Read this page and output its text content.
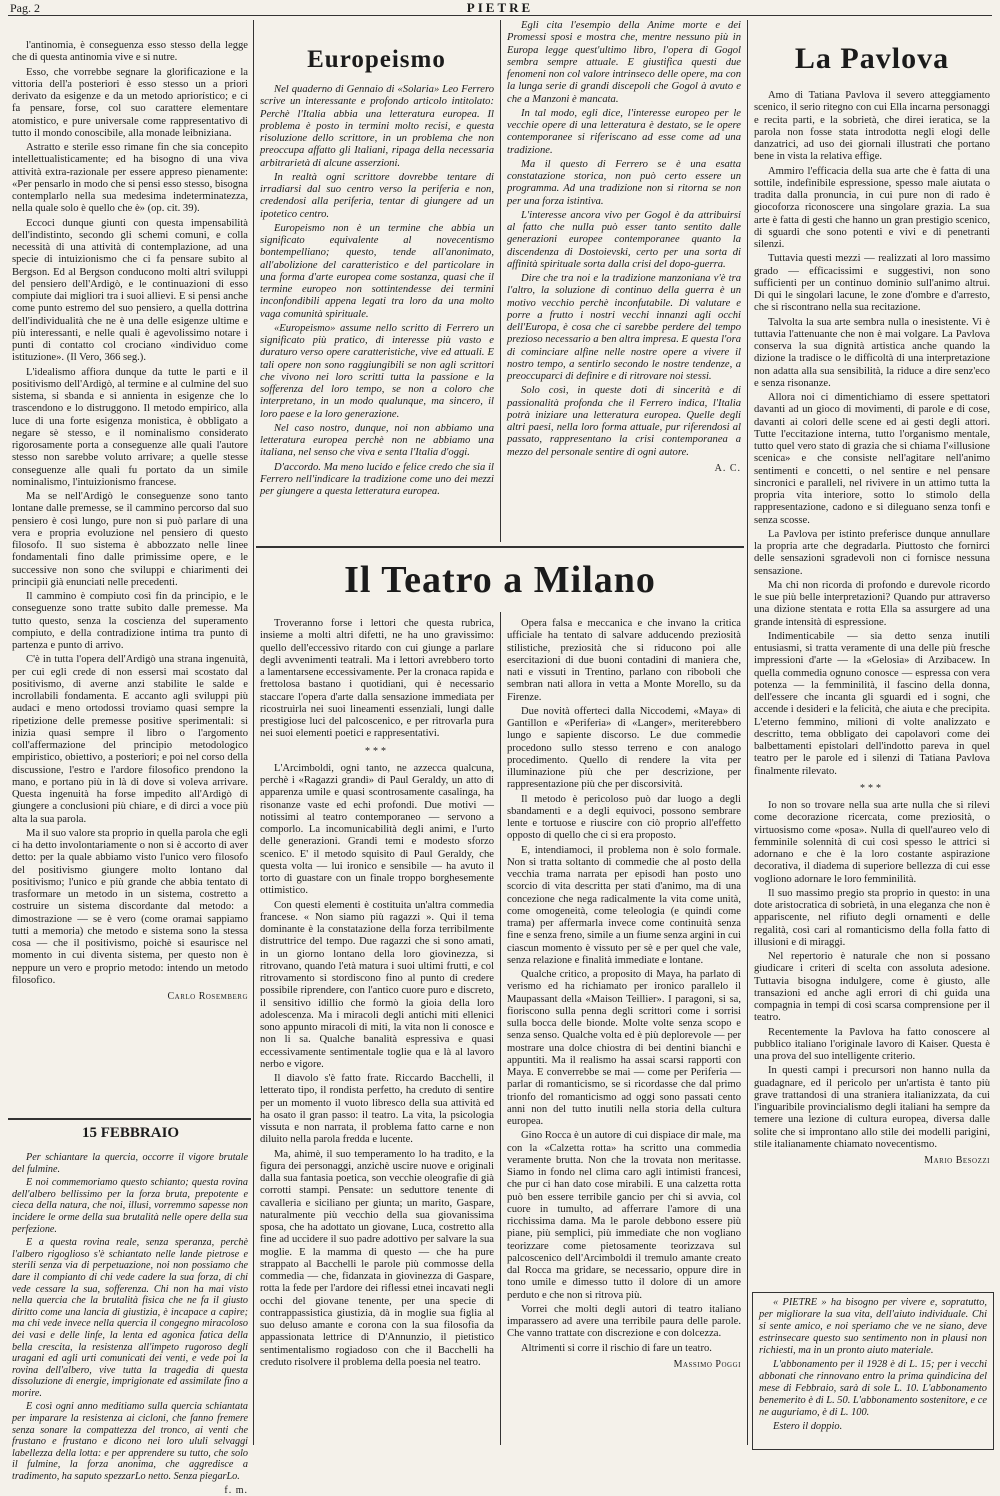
Pag. 2	PIETRE

l'antinomia, è conseguenza esso stesso della legge che di questa antinomia vive e si nutre.

Esso, che vorrebbe segnare la glorificazione e la vittoria dell'a posteriori è esso stesso un a priori derivato da esigenze e da un metodo apriorístico; e ci fa pensare, forse, col suo carattere elementare atomistico, e pure universale come rappresentativo di tutto il mondo conoscibile, alla monade leibniziana.

Astratto e sterile esso rimane fin che sia concepito intellettualisticamente; ed ha bisogno di una viva attività extra-razionale per essere appreso pienamente: «Per pensarlo in modo che si pensi esso stesso, bisogna contemplarlo nella sua medesima indeterminatezza, nella quale solo è quello che è» (op. cit. 39).

Eccoci dunque giunti con questa impensabilità dell'indistinto, secondo gli schemi comuni, e colla necessità di una attività di contemplazione, ad una specie di intuizionismo che ci fa pensare subito al Bergson. Ed al Bergson conducono molti altri sviluppi del pensiero dell'Ardigò, e le continuazioni di esso compiute dai migliori tra i suoi allievi. E si pensi anche come punto estremo del suo pensiero, a quella dottrina dell'individualità che ne è una delle esigenze ultime e più interessanti, e nelle quali è agevolissimo notare i punti di contatto col crociano «individuo come istituzione». (Il Vero, 366 seg.).

L'idealismo affiora dunque da tutte le parti e il positivismo dell'Ardigò, al termine e al culmine del suo sistema, si sbanda e si annienta in esigenze che lo trascendono e lo distruggono. Il metodo empirico, alla luce di una forte esigenza monistica, è obbligato a negare sè stesso, e il nominalismo considerato rigorosamente porta a conseguenze alle quali l'autore stesso non sarebbe voluto arrivare; a quelle stesse conseguenze alle quali fu portato da un simile nominalismo, l'intuizionismo francese.

Ma se nell'Ardigò le conseguenze sono tanto lontane dalle premesse, se il cammino percorso dal suo pensiero è così lungo, pure non si può parlare di una vera e propria evoluzione nel pensiero di questo filosofo. Il suo sistema è abbozzato nelle linee fondamentali fino dalle primissime opere, e le successive non sono che sviluppi e chiarimenti dei principii già enunciati nelle precedenti.

Il cammino è compiuto così fin da principio, e le conseguenze sono tratte subito dalle premesse. Ma tutto questo, senza la coscienza del superamento compiuto, e della contradizione intima tra punto di partenza e punto di arrivo.

C'è in tutta l'opera dell'Ardigò una strana ingenuità, per cui egli crede di non essersi mai scostato dal positivismo, di averne anzi stabilite le salde e incrollabili fondamenta. E accanto agli sviluppi più audaci e meno ortodossi troviamo quasi sempre la ripetizione delle premesse positive sperimentali: si inizia quasi sempre il libro o l'argomento coll'affermazione del principio metodologico empiristico, obiettivo, a posteriori; e poi nel corso della discussione, l'estro e l'ardore filosofico prendono la mano, e portano più in là di dove si voleva arrivare. Questa ingenuità ha forse impedito all'Ardigò di giungere a conclusioni più chiare, e di dirci a voce più alta la sua parola.

Ma il suo valore sta proprio in quella parola che egli ci ha detto involontariamente o non si è accorto di aver detto: per la quale abbiamo visto l'unico vero filosofo del positivismo giungere molto lontano dal positivismo; l'unico e più grande che abbia tentato di trasformare un metodo in un sistema, costretto a costruire un sistema discordante dal metodo: a dimostrazione — se è vero (come oramai sappiamo tutti a memoria) che metodo e sistema sono la stessa cosa — che il positivismo, poichè si esaurisce nel momento in cui diventa sistema, per questo non è neppure un vero e proprio metodo: intendo un metodo filosofico.

Carlo Rosemberg
15 FEBBRAIO

Per schiantare la quercia, occorre il vigore brutale del fulmine.

E noi commemoriamo questo schianto; questa rovina dell'albero bellissimo per la forza bruta, prepotente e cieca della natura, che noi, illusi, vorremmo sapesse non incidere le orme della sua brutalità nelle opere della sua perfezione.

E a questa rovina reale, senza speranza, perchè l'albero rigoglioso s'è schiantato nelle lande pietrose e sterili senza via di perpetuazione, noi non possiamo che dare il compianto di chi vede cadere la sua forza, di chi vede cessare la sua, sofferenza. Chi non ha mai visto nella quercia che la brutalità fisica che ne fa il giusto diritto come una lancia di giustizia, è incapace a capire; ma chi vede invece nella quercia il congegno miracoloso dei vasi e delle linfe, la lenta ed agonica fatica della bella crescita, la resistenza all'impeto rugoroso degli uragani ed agli urti comunicati dei venti, e vede poi la rovina dell'albero, vive tutta la tragedia di questa dissoluzione di energie, imprigionate ed assimilate fino a morire.

E così ogni anno meditiamo sulla quercia schiantata per imparare la resistenza ai cicloni, che fanno fremere senza sonare la compattezza del tronco, ai venti che frustano e frustano e dicono nei loro ululi selvaggi labellezza della lotta: e per apprendere su tutto, che solo il fulmine, la forza anonima, che aggredisce a tradimento, ha saputo spezzarLo netto. Senza piegarLo.

f. m.
Europeismo

Nel quaderno di Gennaio di «Solaria» Leo Ferrero scrive un interessante e profondo articolo intitolato: Perchè l'Italia abbia una letteratura europea. Il problema è posto in termini molto recisi, e questa risoluzione dello scrittore, in un problema che non preoccupa affatto gli Italiani, ripaga della necessaria arbitrarietà di alcune asserzioni.

In realtà ogni scrittore dovrebbe tentare di irradiarsi dal suo centro verso la periferia e non, credendosi alla periferia, tentar di giungere ad un ipotetico centro.

Europeismo non è un termine che abbia un significato equivalente al novecentismo bontempelliano; questo, tende all'anonimato, all'abolizione del caratteristico e del particolare in una forma d'arte europea come sostanza, quasi che il termine europeo non sottintendesse dei termini inconfondibili appena legati tra loro da una molto vaga comunità spirituale.

«Europeismo» assume nello scritto di Ferrero un significato più pratico, di interesse più vasto e duraturo verso opere caratteristiche, vive ed attuali. E tali opere non sono raggiungibili se non agli scrittori che vivono nei loro scritti tutta la passione e la sofferenza del loro tempo, se non a coloro che interpretano, in un modo qualunque, ma sincero, il loro paese e la loro generazione.

Nel caso nostro, dunque, noi non abbiamo una letteratura europea perchè non ne abbiamo una italiana, nel senso che viva e senta l'Italia d'oggi.

D'accordo. Ma meno lucido e felice credo che sia il Ferrero nell'indicare la tradizione come uno dei mezzi per giungere a questa letteratura europea.

Egli cita l'esempio della Anime morte e dei Promessi sposi e mostra che, mentre nessuno più in Europa legge quest'ultimo libro, l'opera di Gogol sembra sempre attuale. E giustifica questi due fenomeni non col valore intrinseco delle opere, ma con la lunga serie di grandi discepoli che Gogol à avuto e che a Manzoni è mancata.

In tal modo, egli dice, l'interesse europeo per le vecchie opere di una letteratura è destato, se le opere contemporanee si riferiscano ad esse come ad una tradizione.

Ma il questo di Ferrero se è una esatta constatazione storica, non può certo essere un programma. Ad una tradizione non si ritorna se non per una forza istintiva.

L'interesse ancora vivo per Gogol è da attribuirsi al fatto che nulla può esser tanto sentito dalle generazioni europee contemporanee quanto la discendenza di Dostoievski, certo per una sorta di affinità spirituale sorta dalla crisi del dopo-guerra.

Dire che tra noi e la tradizione manzoniana v'è tra l'altro, la soluzione di continuo della guerra è un motivo vecchio perchè inconfutabile. Di valutare e porre a frutto i nostri vecchi innanzi agli occhi dell'Europa, è cosa che ci sarebbe perdere del tempo prezioso necessario a ben altra impresa. E questa l'ora di cominciare alfine nelle nostre opere a vivere il nostro tempo, a sentirlo secondo le nostre tendenze, a preoccuparci di definire e di ritrovare noi stessi.

Solo così, in queste doti di sincerità e di passionalità profonda che il Ferrero indica, l'Italia potrà iniziare una letteratura europea. Quelle degli altri paesi, nella loro forma attuale, pur riferendosi al passato, rappresentano la crisi contemporanea a mezzo del personale sentire di ogni autore.

A. C.
Il Teatro a Milano

Troveranno forse i lettori che questa rubrica, insieme a molti altri difetti, ne ha uno gravissimo: quello dell'eccessivo ritardo con cui giunge a parlare degli avvenimenti teatrali. Ma i lettori avrebbero torto a lamentarsene eccessivamente. Per la cronaca rapida e frettolosa bastano i quotidiani, qui è necessario staccare l'opera d'arte dalla sensazione immediata per ricostruirla nei suoi lineamenti essenziali, lungi dalle prestigiose luci del palcoscenico, e per ritrovarla pura nei suoi elementi poetici e rappresentativi.

***

L'Arcimboldi, ogni tanto, ne azzecca qualcuna, perchè i «Ragazzi grandi» di Paul Geraldy, un atto di apparenza umile e quasi scontrosamente casalinga, ha risonanze vaste ed echi profondi. Due motivi — notissimi al teatro contemporaneo — servono a comporlo. La incomunicabilità degli animi, e l'urto delle generazioni. Grandi temi e modesto sforzo scenico. E' il metodo squisito di Paul Geraldy, che questa volta — lui ironico e sensibile — ha avuto il torto di guastare con un finale troppo borghesemente ottimistico.

Con questi elementi è costituita un'altra commedia francese. « Non siamo più ragazzi ». Qui il tema dominante è la constatazione della forza terribilmente distruttrice del tempo. Due ragazzi che si sono amati, in un giorno lontano della loro giovinezza, si ritrovano, quando l'età matura i suoi ultimi frutti, e col ritrovamento si stordiscono fino al punto di credere possibile riprendere, con l'antico cuore puro e discreto, il sensitivo idillio che formò la gioia della loro adolescenza. Ma i miracoli degli antichi miti ellenici sono appunto miracoli di miti, la vita non li conosce e non li sa. Qualche banalità espressiva e quasi eccessivamente sentimentale toglie qua e là al lavoro nerbo e vigore.

Il diavolo s'è fatto frate. Riccardo Bacchelli, il letterato tipo, il rondista perfetto, ha creduto di sentire per un momento il vuoto libresco della sua attività ed ha osato il gran passo: il teatro. La vita, la psicologia vissuta e non narrata, il problema fatto carne e non diluito nella parola fredda e lucente.

Ma, ahimè, il suo temperamento lo ha tradito, e la figura dei personaggi, anzichè uscire nuove e originali dalla sua fantasia poetica, son vecchie oleografie di già corrotti stampi. Pensate: un seduttore tenente di cavalleria e siciliano per giunta; un marito, Gaspare, naturalmente più vecchio della sua giovanissima sposa, che ha adottato un giovane, Luca, costretto alla fine ad uccidere il suo padre adottivo per salvare la sua moglie. E la mamma di questo — che ha pure strappato al Bacchelli le parole più commosse della commedia — che, fidanzata in giovinezza di Gaspare, rotta la fede per l'ardore dei riflessi etnei incavati negli occhi del giovane tenente, per una specie di contrappassistica giustizia, dà in moglie sua figlia al suo deluso amante e corona con la sua filosofia da appassionata lettrice di D'Annunzio, il pietistico sentimentalismo rogiadoso con che il Bacchelli ha creduto risolvere il problema della poesia nel teatro.

Opera falsa e meccanica e che invano la critica ufficiale ha tentato di salvare adducendo preziosità stilistiche, preziosità che si riducono poi alle esercitazioni di due buoni contadini di maniera che, nati e vissuti in Trentino, parlano con riboboli che sembran nati allora in vetta a Monte Morello, su da Firenze.

Due novità offerteci dalla Niccodemi, «Maya» di Gantillon e «Periferia» di «Langer», meriterebbero lungo e sapiente discorso. Le due commedie procedono sullo stesso terreno e con analogo procedimento. Quello di rendere la vita per illuminazione più che per descrizione, per rappresentazione più che per discorsività.

Il metodo è pericoloso può dar luogo a degli sbandamenti e a degli equivoci, possono sembrare lente e tortuose e riuscire con ciò proprio all'effetto opposto di quello che ci si era proposto.

E, intendiamoci, il problema non è solo formale. Non si tratta soltanto di commedie che al posto della vecchia trama narrata per episodi han posto uno scorcio di vita descritta per stati d'animo, ma di una concezione che nega radicalmente la vita come unità, come omogeneità, come teleologia (e quindi come trama) per affermarla invece come continuità senza fine e senza freno, simile a un fiume senza argini in cui ciascun momento è vissuto per sè e per quel che vale, senza relazione e finalità immediate e lontane.

Qualche critico, a proposito di Maya, ha parlato di verismo ed ha richiamato per ironico parallelo il Maupassant della «Maison Teillier». I paragoni, si sa, fioriscono sulla penna degli scrittori come i sorrisi sulla bocca delle bionde. Molte volte senza scopo e senza senso. Qualche volta ed è più deplorevole — per mostrare una dolce chiostra di bei dentini bianchi e appuntiti. Ma il realismo ha assai scarsi rapporti con Maya. E converrebbe se mai — come per Periferia — parlar di romanticismo, se si ricordasse che dal primo trionfo del romanticismo ad oggi sono passati cento anni non del tutto inutili nella storia della cultura europea.

Gino Rocca è un autore di cui dispiace dir male, ma con la «Calzetta rotta» ha scritto una commedia veramente brutta. Non che la trovata non meritasse. Siamo in fondo nel clima caro agli intimisti francesi, che pur ci han dato cose mirabili. E una calzetta rotta può ben essere terribile gancio per chi si avvia, col cuore in tumulto, ad afferrare l'amore di una ricchissima dama. Ma le parole debbono essere più piane, più semplici, più immediate che non vogliano teorizzare come pietosamente teorizzava sul palcoscenico dell'Arcimboldi il tremulo amante creato dal Rocca ma gridare, se necessario, oppure dire in tono umile e dimesso tutto il dolore di un amore perduto e che non si ritrova più.

Vorrei che molti degli autori di teatro italiano imparassero ad avere una terribile paura delle parole. Che vanno trattate con discrezione e con dolcezza.

Altrimenti si corre il rischio di fare un teatro.

Massimo Poggi
La Pavlova

Amo di Tatiana Pavlova il severo atteggiamento scenico, il serio ritegno con cui Ella incarna personaggi e recita parti, e la sobrietà, che direi ieratica, se la parola non fosse stata introdotta negli elogi delle danzatrici, ad uso dei giornali illustrati che portano bene in vista la relativa effige.

Ammiro l'efficacia della sua arte che è fatta di una sottile, indefinibile espressione, spesso male aiutata o tradita dalla pronuncia, in cui pure non di rado è giocoforza riconoscere una singolare grazia. La sua arte è fatta di gesti che hanno un gran prestigio scenico, di sguardi che sono potenti e vivi e di penetranti silenzi.

Tuttavia questi mezzi — realizzati al loro massimo grado — efficacissimi e suggestivi, non sono sufficienti per un continuo dominio sull'animo altrui. Di qui le singolari lacune, le zone d'ombre e d'arresto, che si riscontrano nella sua recitazione.

Talvolta la sua arte sembra nulla o inesistente. Vi è tuttavia l'attenuante che non è mai volgare. La Pavlova conserva la sua dignità artistica anche quando la dizione la tradisce o le difficoltà di una interpretazione non adatta alla sua sensibilità, la riduce a dire senz'eco e senza risonanze.

Allora noi ci dimentichiamo di essere spettatori davanti ad un gioco di movimenti, di parole e di cose, davanti ai colori delle scene ed ai gesti degli attori. Tutte l'eccitazione interna, tutto l'organismo mentale, tutto quel vero stato di grazia che si chiama l'«illusione scenica» e che consiste nell'agitare nell'animo sentimenti e concetti, o nel sentire e nel pensare sincronici e paralleli, nel rivivere in un attimo tutta la propria vita interiore, sotto lo stimolo della rappresentazione, cadono e si dileguano senza tonfi e senza scosse.

La Pavlova per istinto preferisce dunque annullare la propria arte che degradarla. Piuttosto che fornirci delle sensazioni sgradevoli non ci fornisce nessuna sensazione.

Ma chi non ricorda di profondo e durevole ricordo le sue più belle interpretazioni? Quando pur attraverso una dizione stentata e rotta Ella sa assurgere ad una grande intensità di espressione.

Indimenticabile — sia detto senza inutili entusiasmi, si tratta veramente di una delle più fresche impressioni d'arte — la «Gelosia» di Arzibacew. In quella commedia ognuno conosce — espressa con vera potenza — la femminilità, il fascino della donna, dell'essere che incanta gli sguardi ed i sogni, che accende i desideri e la felicità, che aiuta e che precipita. L'eterno femmino, milioni di volte analizzato e descritto, tema obbligato dei capolavori come dei balbettamenti epistolari dell'indotto pareva in quel teatro per le parole ed i silenzi di Tatiana Pavlova finalmente rilevato.

***

Io non so trovare nella sua arte nulla che si rilevi come decorazione ricercata, come preziosità, o virtuosismo come «posa». Nulla di quell'aureo velo di femminile solennità di cui così spesso le attrici si adornano e che è la loro costante aspirazione decorativa, il diadema di superiore bellezza di cui esse vogliono adornare le loro femminilità.

Il suo massimo pregio sta proprio in questo: in una dote aristocratica di sobrietà, in una eleganza che non è appariscente, nel rifiuto degli ornamenti e delle regalità, così cari al romanticismo della folla fatto di illusioni e di miraggi.

Nel repertorio è naturale che non si possano giudicare i criteri di scelta con assoluta adesione. Tuttavia bisogna indulgere, come è giusto, alle transazioni ed anche agli errori di chi guida una compagnia in tempi di così scarsa comprensione per il teatro.

Recentemente la Pavlova ha fatto conoscere al pubblico italiano l'originale lavoro di Kaiser. Questa è una prova del suo intelligente criterio.

In questi campi i precursori non hanno nulla da guadagnare, ed il pericolo per un'artista è tanto più grave trattandosi di una straniera italianizzata, da cui l'inguaribile provincialismo degli italiani ha sempre da temere una lezione di cultura europea, diversa dalle solite che si improntano allo stile dei modelli parigini, stile italianamente chiamato novecentismo.

Mario Besozzi

« PIETRE » ha bisogno per vivere e, sopratutto, per migliorare la sua vita, dell'aiuto individuale. Chi si sente amico, e noi speriamo che ve ne siano, deve estrinsecare questo suo sentimento non in plausi non richiesti, ma in un pronto aiuto materiale.

L'abbonamento per il 1928 è di L. 15; per i vecchi abbonati che rinnovano entro la prima quindicina del mese di Febbraio, sarà di sole L. 10. L'abbonamento benemerito è di L. 50. L'abbonamento sostenitore, e ce ne auguriamo, è di L. 100.

Estero il doppio.
